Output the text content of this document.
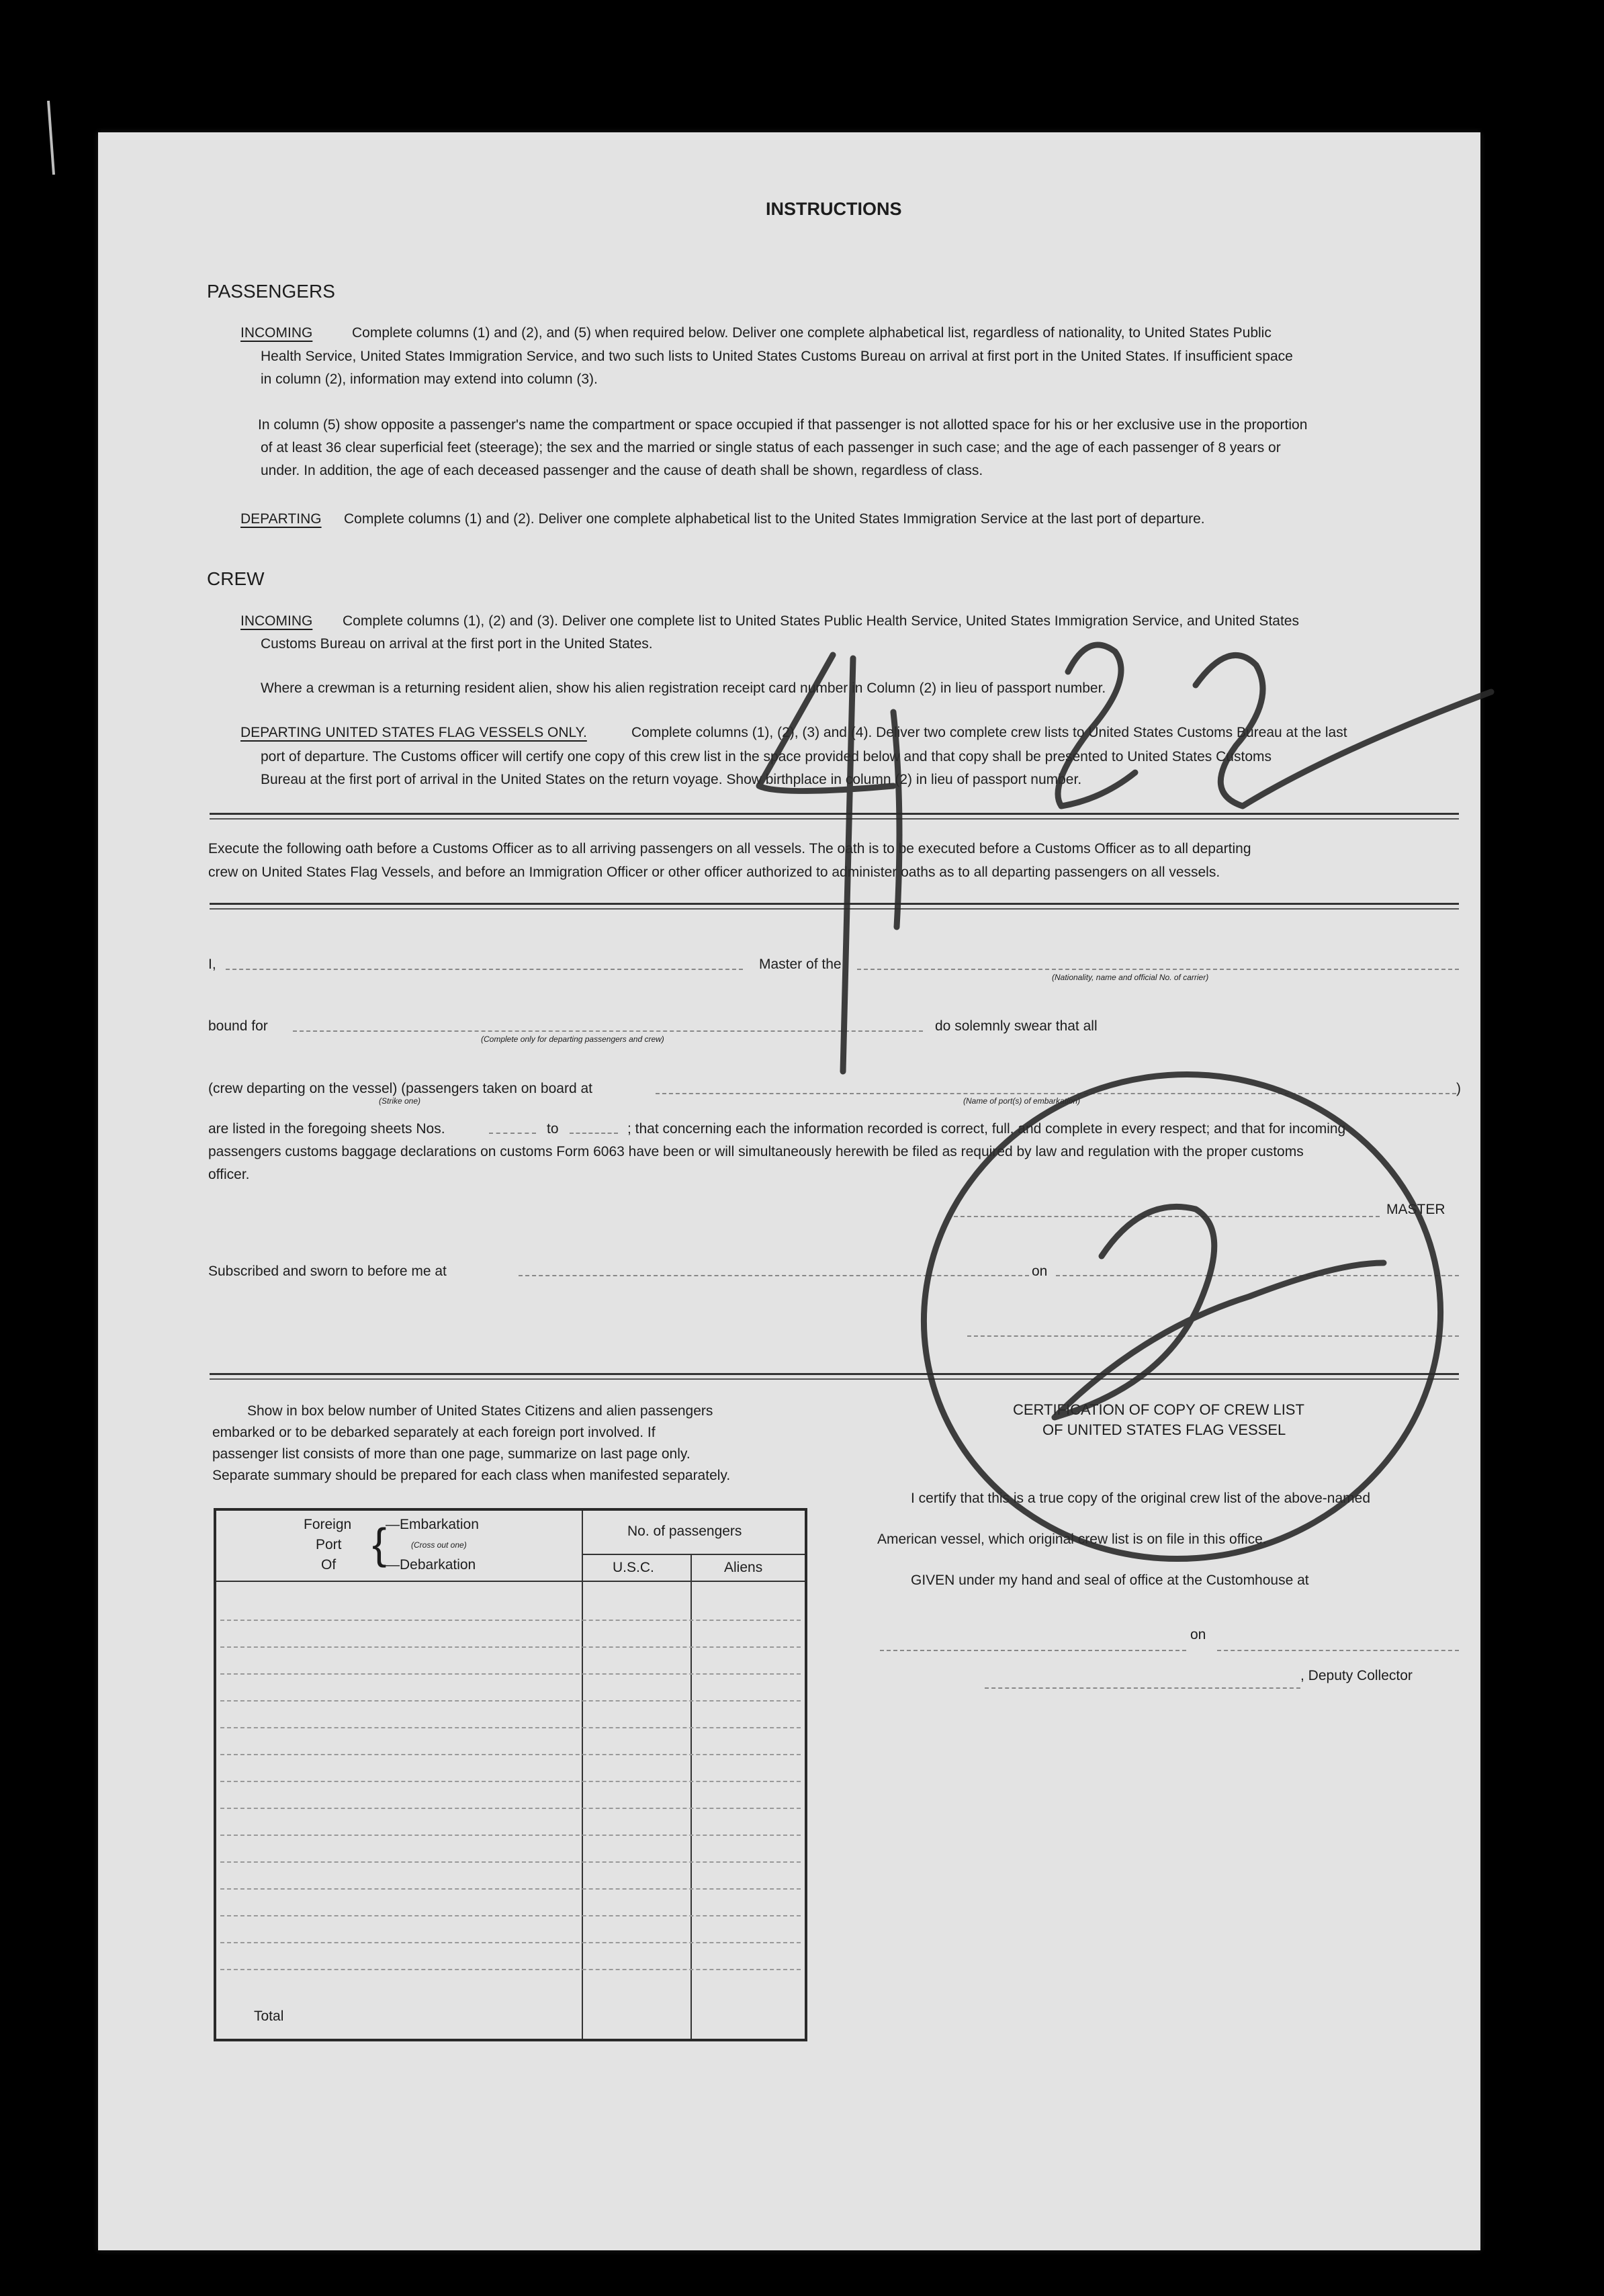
INSTRUCTIONS
PASSENGERS
INCOMING	Complete columns (1) and (2), and (5) when required below. Deliver one complete alphabetical list, regardless of nationality, to United States Public
Health Service, United States Immigration Service, and two such lists to United States Customs Bureau on arrival at first port in the United States. If insufficient space
in column (2), information may extend into column (3).
In column (5) show opposite a passenger's name the compartment or space occupied if that passenger is not allotted space for his or her exclusive use in the proportion
of at least 36 clear superficial feet (steerage); the sex and the married or single status of each passenger in such case; and the age of each passenger of 8 years or
under. In addition, the age of each deceased passenger and the cause of death shall be shown, regardless of class.
DEPARTING Complete columns (1) and (2). Deliver one complete alphabetical list to the United States Immigration Service at the last port of departure.
CREW
INCOMING Complete columns (1), (2) and (3). Deliver one complete list to United States Public Health Service, United States Immigration Service, and United States
Customs Bureau on arrival at the first port in the United States.
Where a crewman is a returning resident alien, show his alien registration receipt card number in Column (2) in lieu of passport number.
DEPARTING UNITED STATES FLAG VESSELS ONLY.	Complete columns (1), (2), (3) and (4). Deliver two complete crew lists to United States Customs Bureau at the last
port of departure. The Customs officer will certify one copy of this crew list in the space provided below and that copy shall be presented to United States Customs
Bureau at the first port of arrival in the United States on the return voyage. Show birthplace in column (2) in lieu of passport number.
Execute the following oath before a Customs Officer as to all arriving passengers on all vessels. The oath is to be executed before a Customs Officer as to all departing
crew on United States Flag Vessels, and before an Immigration Officer or other officer authorized to administer oaths as to all departing passengers on all vessels.
I,	Master of the
(Nationality, name and official No. of carrier)
bound for
(Complete only for departing passengers and crew)
do solemnly swear that all
(crew departing on the vessel) (passengers taken on board at	)
(Strike one)	(Name of port(s) of embarkation)
are listed in the foregoing sheets Nos.	to	; that concerning each the information recorded is correct, full, and complete in every respect; and that for incoming
passengers customs baggage declarations on customs Form 6063 have been or will simultaneously herewith be filed as required by law and regulation with the proper customs
officer.
MASTER
Subscribed and sworn to before me at	on
Show in box below number of United States Citizens and alien passengers
embarked or to be debarked separately at each foreign port involved. If
passenger list consists of more than one page, summarize on last page only.
Separate summary should be prepared for each class when manifested separately.
Foreign
Port
Of {
—Embarkation
(Cross out one)
—Debarkation
No. of passengers
U.S.C.	Aliens
Total
CERTIFICATION OF COPY OF CREW LIST
OF UNITED STATES FLAG VESSEL
I certify that this is a true copy of the original crew list of the above-named
American vessel, which original crew list is on file in this office.
GIVEN under my hand and seal of office at the Customhouse at
on
, Deputy Collector
